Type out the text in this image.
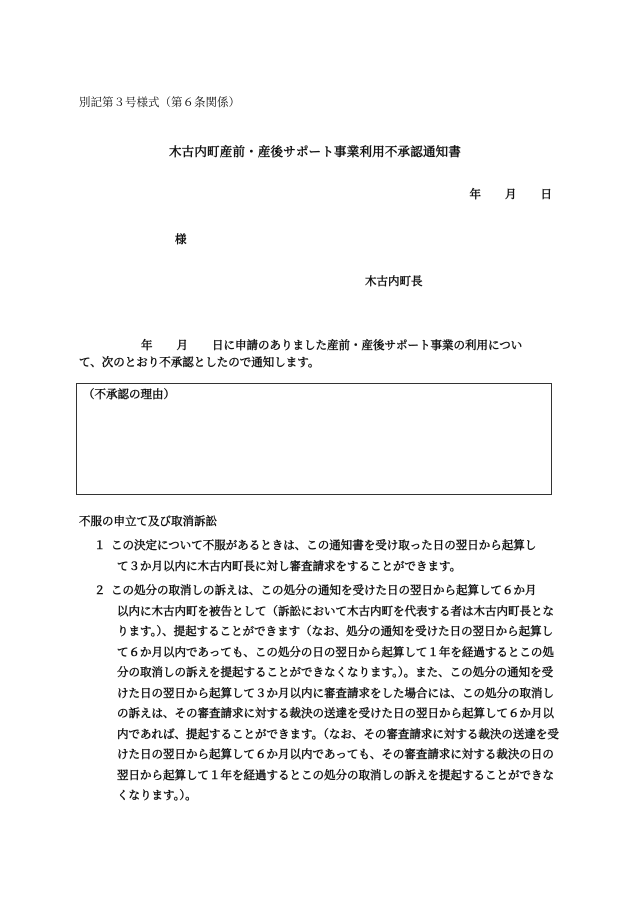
別記第３号様式（第６条関係）
木古内町産前・産後サポート事業利用不承認通知書
年 月 日
様
木古内町長
年 月 日に申請のありました産前・産後サポート事業の利用につい
て、次のとおり不承認としたので通知します。
（不承認の理由）
不服の申立て及び取消訴訟
１ この決定について不服があるときは、この通知書を受け取った日の翌日から起算し
て３か月以内に木古内町長に対し審査請求をすることができます。
２ この処分の取消しの訴えは、この処分の通知を受けた日の翌日から起算して６か月
以内に木古内町を被告として（訴訟において木古内町を代表する者は木古内町長とな
ります。）、提起することができます（なお、処分の通知を受けた日の翌日から起算し
て６か月以内であっても、この処分の日の翌日から起算して１年を経過するとこの処
分の取消しの訴えを提起することができなくなります。）。また、この処分の通知を受
けた日の翌日から起算して３か月以内に審査請求をした場合には、この処分の取消し
の訴えは、その審査請求に対する裁決の送達を受けた日の翌日から起算して６か月以
内であれば、提起することができます。（なお、その審査請求に対する裁決の送達を受
けた日の翌日から起算して６か月以内であっても、その審査請求に対する裁決の日の
翌日から起算して１年を経過するとこの処分の取消しの訴えを提起することができな
くなります。）。
